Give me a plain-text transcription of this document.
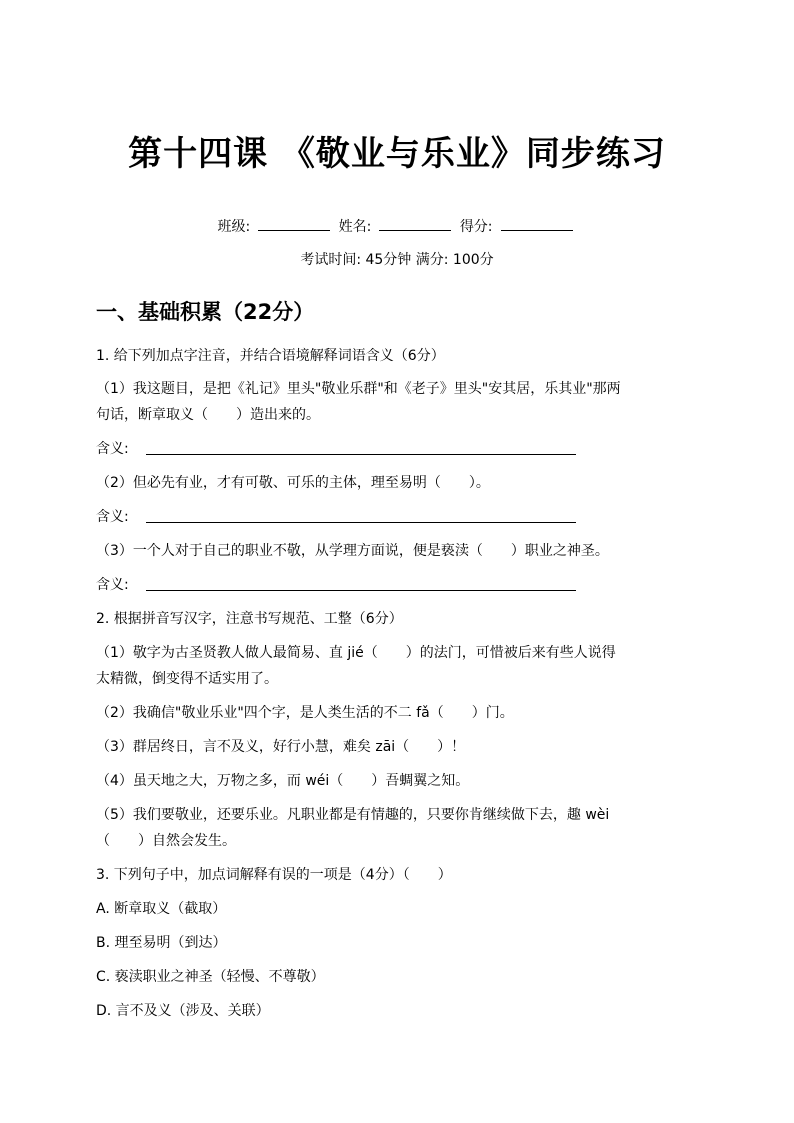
第十四课 《敬业与乐业》同步练习
班级:	姓名:	得分:
考试时间: 45分钟 满分: 100分
一、基础积累（22分）
1. 给下列加点字注音，并结合语境解释词语含义（6分）
（1）我这题目，是把《礼记》里头"敬业乐群"和《老子》里头"安其居，乐其业"那两
句话，断章取义（　　）造出来的。
含义:
（2）但必先有业，才有可敬、可乐的主体，理至易明（　　）。
含义:
（3）一个人对于自己的职业不敬，从学理方面说，便是亵渎（　　）职业之神圣。
含义:
2. 根据拼音写汉字，注意书写规范、工整（6分）
（1）敬字为古圣贤教人做人最简易、直 jié（　　）的法门，可惜被后来有些人说得
太精微，倒变得不适实用了。
（2）我确信"敬业乐业"四个字，是人类生活的不二 fǎ（　　）门。
（3）群居终日，言不及义，好行小慧，难矣 zāi（　　）！
（4）虽天地之大，万物之多，而 wéi（　　）吾蜩翼之知。
（5）我们要敬业，还要乐业。凡职业都是有情趣的，只要你肯继续做下去，趣 wèi
（　　）自然会发生。
3. 下列句子中，加点词解释有误的一项是（4分）（　　）
A. 断章取义（截取）
B. 理至易明（到达）
C. 亵渎职业之神圣（轻慢、不尊敬）
D. 言不及义（涉及、关联）
